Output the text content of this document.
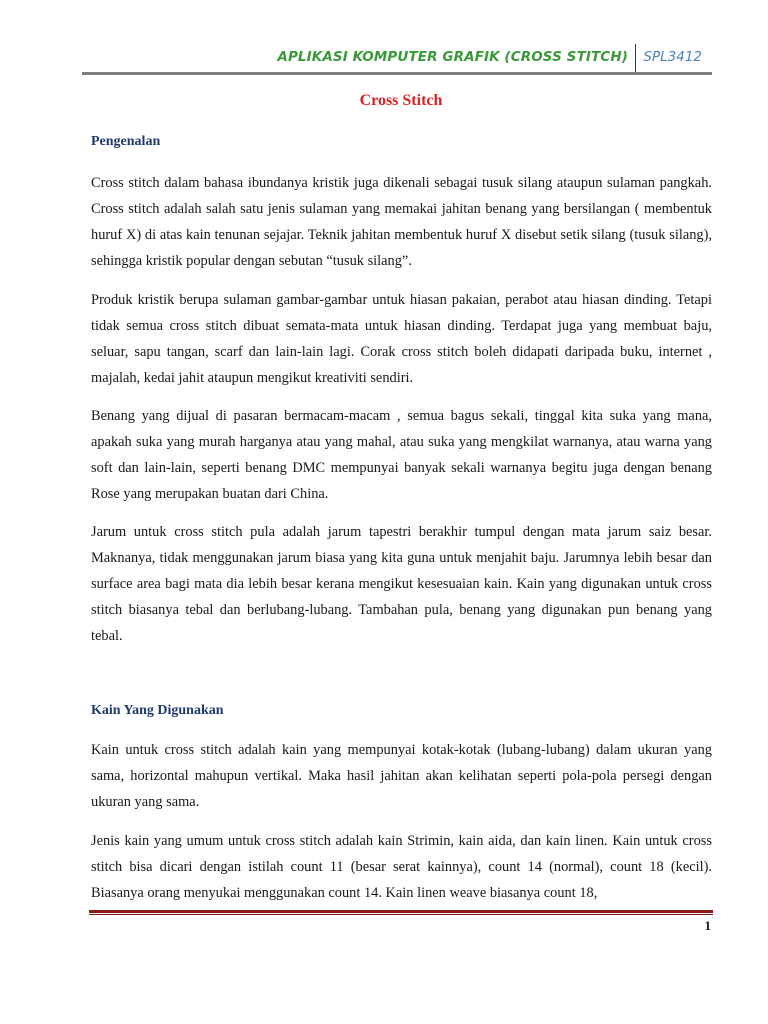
APLIKASI KOMPUTER GRAFIK (CROSS STITCH) SPL3412
Cross Stitch
Pengenalan

Cross stitch dalam bahasa ibundanya kristik juga dikenali sebagai tusuk silang ataupun sulaman pangkah. Cross stitch adalah salah satu jenis sulaman yang memakai jahitan benang yang bersilangan ( membentuk huruf X) di atas kain tenunan sejajar. Teknik jahitan membentuk huruf X disebut setik silang (tusuk silang), sehingga kristik popular dengan sebutan “tusuk silang”.

Produk kristik berupa sulaman gambar-gambar untuk hiasan pakaian, perabot atau hiasan dinding. Tetapi tidak semua cross stitch dibuat semata-mata untuk hiasan dinding. Terdapat juga yang membuat baju, seluar, sapu tangan, scarf dan lain-lain lagi. Corak cross stitch boleh didapati daripada buku, internet , majalah, kedai jahit ataupun mengikut kreativiti sendiri.

Benang yang dijual di pasaran bermacam-macam , semua bagus sekali, tinggal kita suka yang mana, apakah suka yang murah harganya atau yang mahal, atau suka yang mengkilat warnanya, atau warna yang soft dan lain-lain, seperti benang DMC mempunyai banyak sekali warnanya begitu juga dengan benang Rose yang merupakan buatan dari China.

Jarum untuk cross stitch pula adalah jarum tapestri berakhir tumpul dengan mata jarum saiz besar. Maknanya, tidak menggunakan jarum biasa yang kita guna untuk menjahit baju. Jarumnya lebih besar dan surface area bagi mata dia lebih besar kerana mengikut kesesuaian kain. Kain yang digunakan untuk cross stitch biasanya tebal dan berlubang-lubang. Tambahan pula, benang yang digunakan pun benang yang tebal.

Kain Yang Digunakan

Kain untuk cross stitch adalah kain yang mempunyai kotak-kotak (lubang-lubang) dalam ukuran yang sama, horizontal mahupun vertikal. Maka hasil jahitan akan kelihatan seperti pola-pola persegi dengan ukuran yang sama.

Jenis kain yang umum untuk cross stitch adalah kain Strimin, kain aida, dan kain linen. Kain untuk cross stitch bisa dicari dengan istilah count 11 (besar serat kainnya), count 14 (normal), count 18 (kecil). Biasanya orang menyukai menggunakan count 14. Kain linen weave biasanya count 18,

1
